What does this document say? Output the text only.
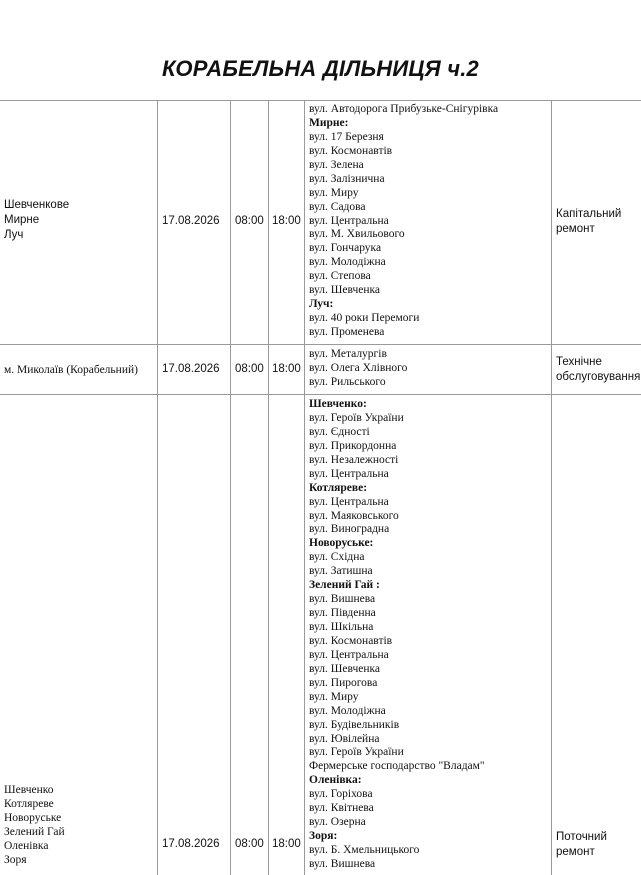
КОРАБЕЛЬНА ДІЛЬНИЦЯ ч.2
Шевченкове
Мирне
Луч
17.08.2026 08:00 18:00
вул. Автодорога Прибузьке-Снігурівка
Мирне:
вул. 17 Березня
вул. Космонавтів
вул. Зелена
вул. Залізнична
вул. Миру
вул. Садова
вул. Центральна
вул. М. Хвильового
вул. Гончарука
вул. Молодіжна
вул. Степова
вул. Шевченка
Луч:
вул. 40 роки Перемоги
вул. Променева
Капітальний
ремонт
м. Миколаїв (Корабельний) 17.08.2026 08:00 18:00
вул. Металургів
вул. Олега Хлівного
вул. Рильського
Технічне
обслуговування
Шевченко
Котляреве
Новоруське
Зелений Гай
Оленівка
Зоря
17.08.2026 08:00 18:00
Шевченко:
вул. Героїв України
вул. Єдності
вул. Прикордонна
вул. Незалежності
вул. Центральна
Котляреве:
вул. Центральна
вул. Маяковського
вул. Виноградна
Новоруське:
вул. Східна
вул. Затишна
Зелений Гай :
вул. Вишнева
вул. Південна
вул. Шкільна
вул. Космонавтів
вул. Центральна
вул. Шевченка
вул. Пирогова
вул. Миру
вул. Молодіжна
вул. Будівельників
вул. Ювілейна
вул. Героїв України
Фермерське господарство "Владам"
Оленівка:
вул. Горіхова
вул. Квітнева
вул. Озерна
Зоря:
вул. Б. Хмельницького
вул. Вишнева
Поточний
ремонт
